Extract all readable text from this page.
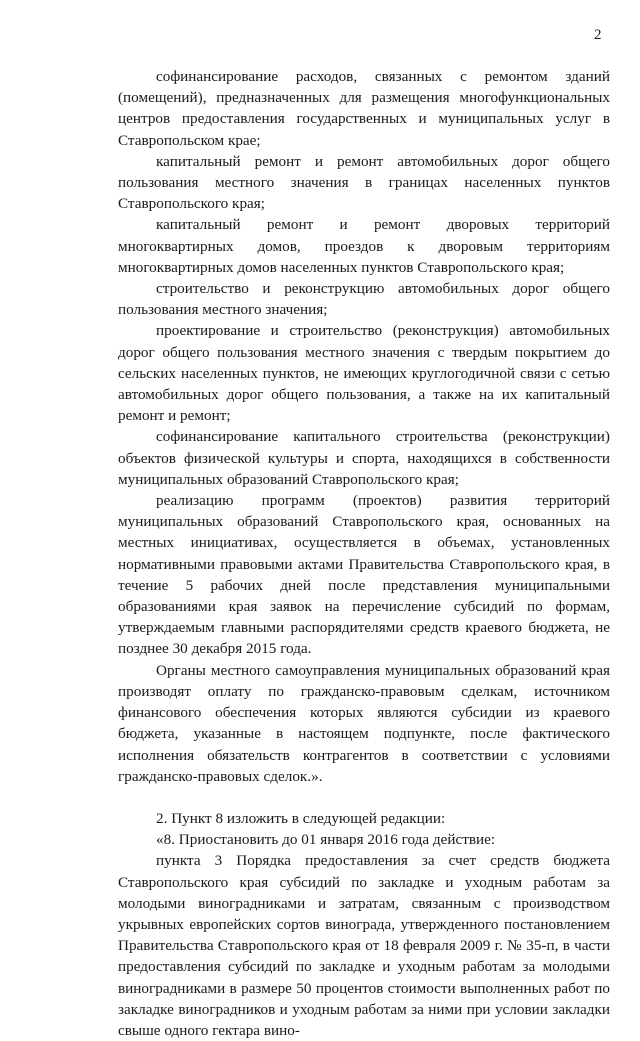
2

софинансирование расходов, связанных с ремонтом зданий (помещений), предназначенных для размещения многофункциональных центров предоставления государственных и муниципальных услуг в Ставропольском крае;

капитальный ремонт и ремонт автомобильных дорог общего пользования местного значения в границах населенных пунктов Ставропольского края;

капитальный ремонт и ремонт дворовых территорий многоквартирных домов, проездов к дворовым территориям многоквартирных домов населенных пунктов Ставропольского края;

строительство и реконструкцию автомобильных дорог общего пользования местного значения;

проектирование и строительство (реконструкция) автомобильных дорог общего пользования местного значения с твердым покрытием до сельских населенных пунктов, не имеющих круглогодичной связи с сетью автомобильных дорог общего пользования, а также на их капитальный ремонт и ремонт;

софинансирование капитального строительства (реконструкции) объектов физической культуры и спорта, находящихся в собственности муниципальных образований Ставропольского края;

реализацию программ (проектов) развития территорий муниципальных образований Ставропольского края, основанных на местных инициативах, осуществляется в объемах, установленных нормативными правовыми актами Правительства Ставропольского края, в течение 5 рабочих дней после представления муниципальными образованиями края заявок на перечисление субсидий по формам, утверждаемым главными распорядителями средств краевого бюджета, не позднее 30 декабря 2015 года.

Органы местного самоуправления муниципальных образований края производят оплату по гражданско-правовым сделкам, источником финансового обеспечения которых являются субсидии из краевого бюджета, указанные в настоящем подпункте, после фактического исполнения обязательств контрагентов в соответствии с условиями гражданско-правовых сделок.».

2. Пункт 8 изложить в следующей редакции:

«8. Приостановить до 01 января 2016 года действие:

пункта 3 Порядка предоставления за счет средств бюджета Ставропольского края субсидий по закладке и уходным работам за молодыми виноградниками и затратам, связанным с производством укрывных европейских сортов винограда, утвержденного постановлением Правительства Ставропольского края от 18 февраля 2009 г. № 35-п, в части предоставления субсидий по закладке и уходным работам за молодыми виноградниками в размере 50 процентов стоимости выполненных работ по закладке виноградников и уходным работам за ними при условии закладки свыше одного гектара вино-
